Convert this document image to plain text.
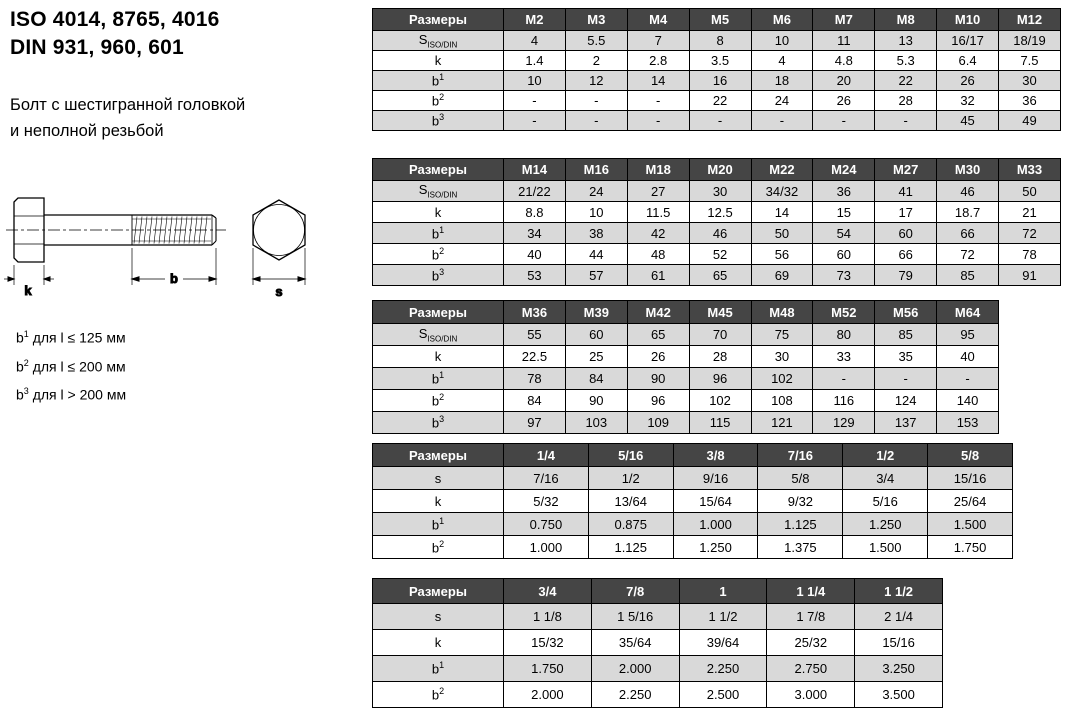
ISO 4014, 8765, 4016
DIN 931, 960, 601
Болт с шестигранной головкой
и неполной резьбой
k
b
s
$b^1$ для l ≤ 125 мм
$b^2$ для l ≤ 200 мм
$b^3$ для l > 200 мм
Размеры	M2	M3	M4	M5	M6	M7	M8	M10	M12
$S_{ISO/DIN}$	4	5.5	7	8	10	11	13	16/17	18/19
k	1.4	2	2.8	3.5	4	4.8	5.3	6.4	7.5
$b^1$	10	12	14	16	18	20	22	26	30
$b^2$	-	-	-	22	24	26	28	32	36
$b^3$	-	-	-	-	-	-	-	45	49
Размеры	M14	M16	M18	M20	M22	M24	M27	M30	M33
$S_{ISO/DIN}$	21/22	24	27	30	34/32	36	41	46	50
k	8.8	10	11.5	12.5	14	15	17	18.7	21
$b^1$	34	38	42	46	50	54	60	66	72
$b^2$	40	44	48	52	56	60	66	72	78
$b^3$	53	57	61	65	69	73	79	85	91
Размеры	M36	M39	M42	M45	M48	M52	M56	M64
$S_{ISO/DIN}$	55	60	65	70	75	80	85	95
k	22.5	25	26	28	30	33	35	40
$b^1$	78	84	90	96	102	-	-	-
$b^2$	84	90	96	102	108	116	124	140
$b^3$	97	103	109	115	121	129	137	153
Размеры	1/4	5/16	3/8	7/16	1/2	5/8
s	7/16	1/2	9/16	5/8	3/4	15/16
k	5/32	13/64	15/64	9/32	5/16	25/64
$b^1$	0.750	0.875	1.000	1.125	1.250	1.500
$b^2$	1.000	1.125	1.250	1.375	1.500	1.750
Размеры	3/4	7/8	1	1 1/4	1 1/2
s	1 1/8	1 5/16	1 1/2	1 7/8	2 1/4
k	15/32	35/64	39/64	25/32	15/16
$b^1$	1.750	2.000	2.250	2.750	3.250
$b^2$	2.000	2.250	2.500	3.000	3.500
